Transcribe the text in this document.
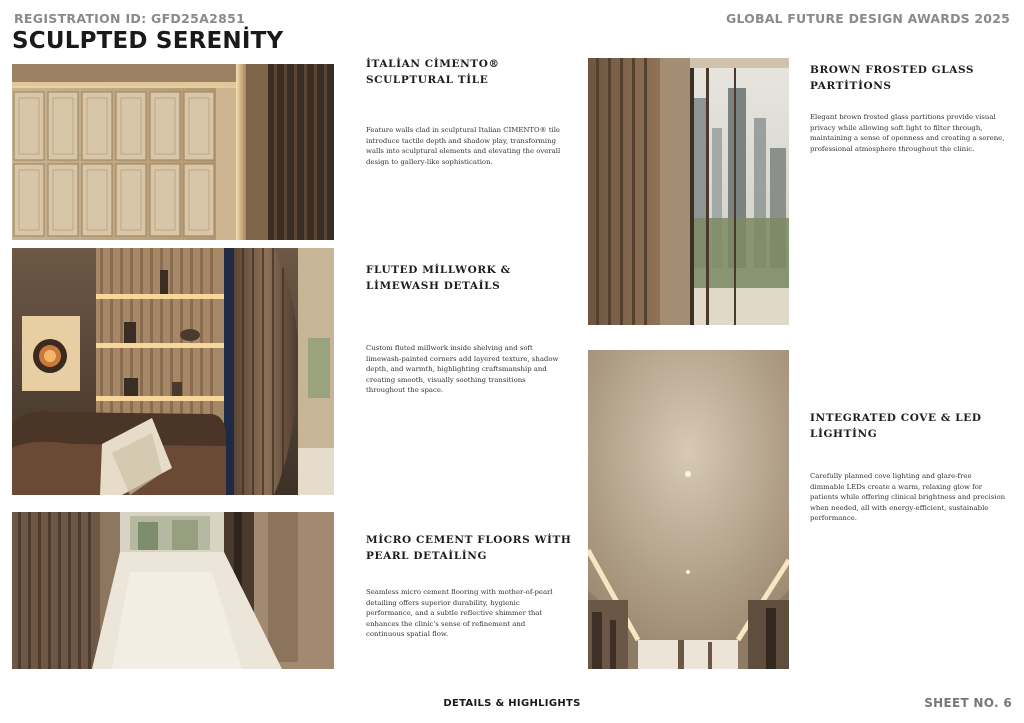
REGISTRATION ID: GFD25A2851	GLOBAL FUTURE DESIGN AWARDS 2025
SCULPTED SERENİTY
İTALİAN CİMENTO®
SCULPTURAL TİLE
Feature walls clad in sculptural Italian CIMENTO® tile introduce tactile depth and shadow play, transforming walls into sculptural elements and elevating the overall design to gallery-like sophistication.
FLUTED MİLLWORK &
LİMEWASH DETAİLS
Custom fluted millwork inside shelving and soft limewash-painted corners add layered texture, shadow depth, and warmth, highlighting craftsmanship and creating smooth, visually soothing transitions throughout the space.
MİCRO CEMENT FLOORS WİTH
PEARL DETAİLİNG
Seamless micro cement flooring with mother-of-pearl detailing offers superior durability, hygienic performance, and a subtle reflective shimmer that enhances the clinic's sense of refinement and continuous spatial flow.
BROWN FROSTED GLASS
PARTİTİONS
Elegant brown frosted glass partitions provide visual privacy while allowing soft light to filter through, maintaining a sense of openness and creating a serene, professional atmosphere throughout the clinic.
INTEGRATED COVE & LED
LİGHTİNG
Carefully planned cove lighting and glare-free dimmable LEDs create a warm, relaxing glow for patients while offering clinical brightness and precision when needed, all with energy-efficient, sustainable performance.
DETAILS & HIGHLIGHTS	SHEET NO. 6
